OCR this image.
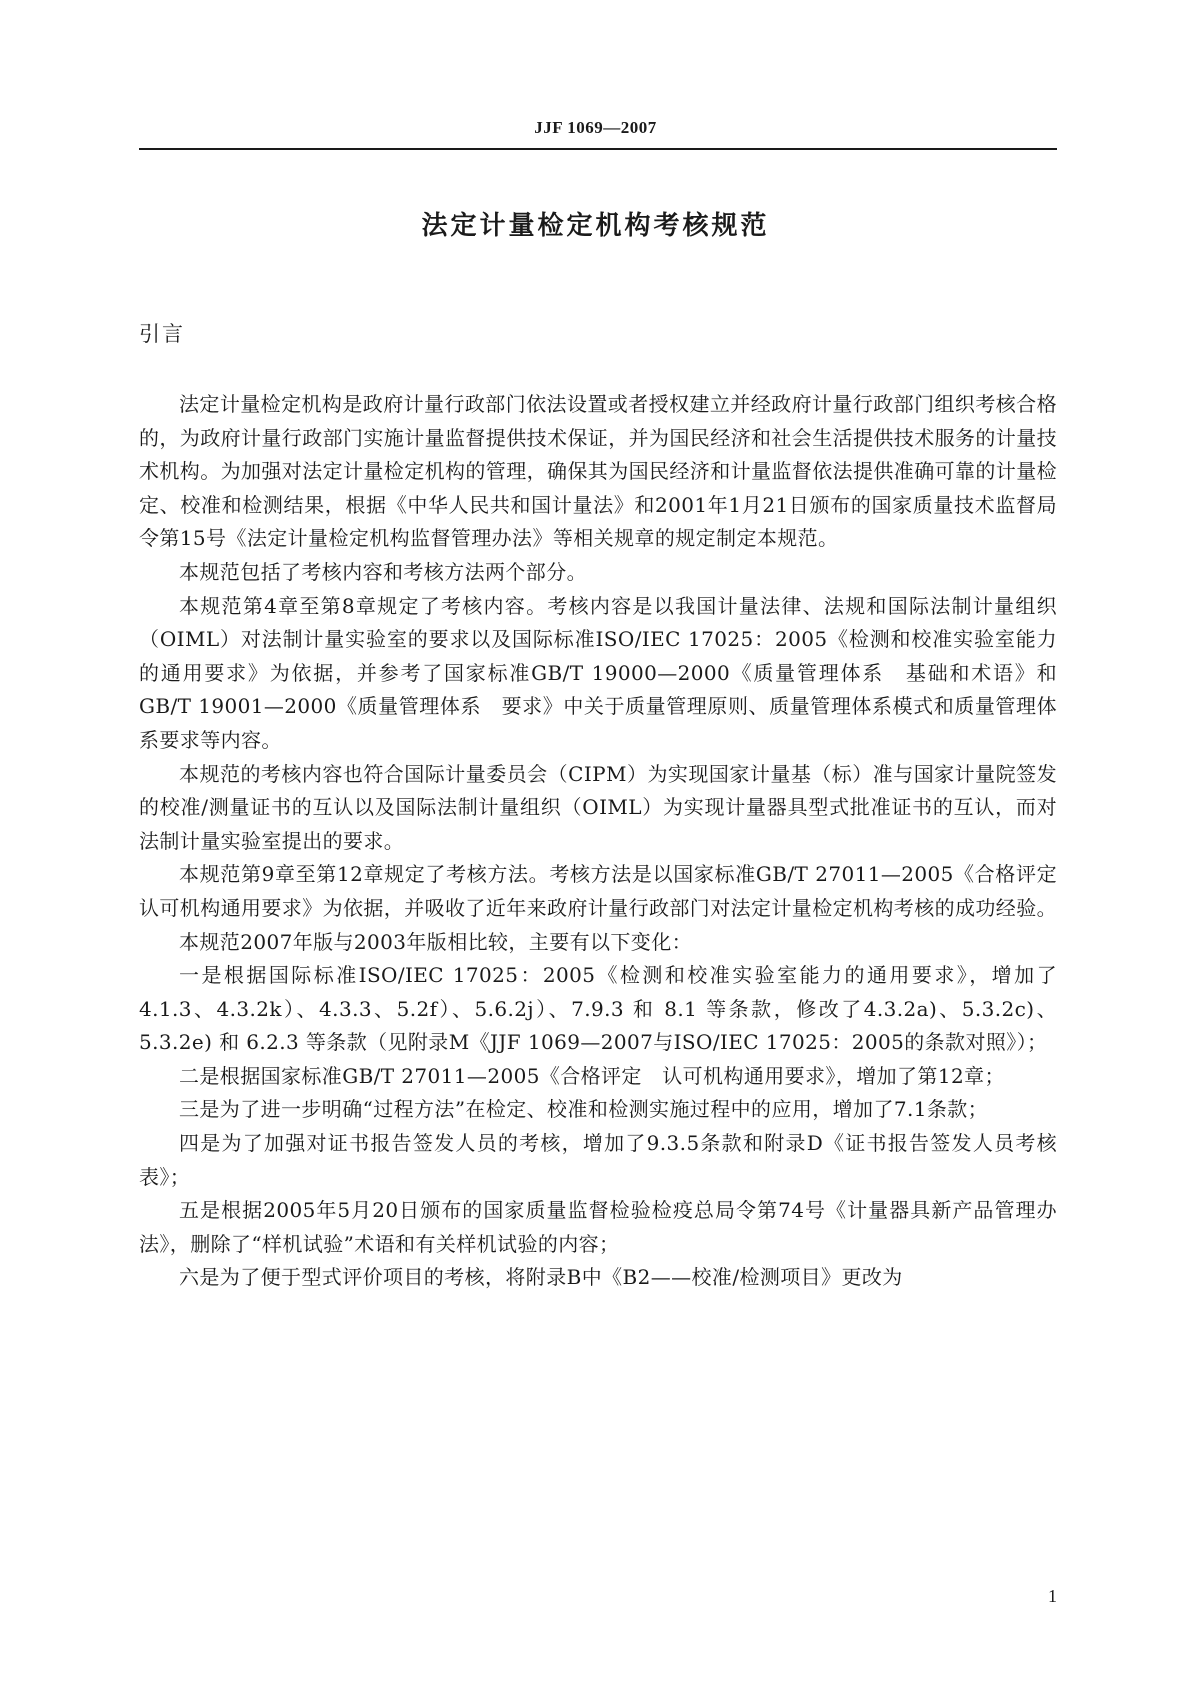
JJF 1069—2007
法定计量检定机构考核规范
引言

法定计量检定机构是政府计量行政部门依法设置或者授权建立并经政府计量行政部门组织考核合格的，为政府计量行政部门实施计量监督提供技术保证，并为国民经济和社会生活提供技术服务的计量技术机构。为加强对法定计量检定机构的管理，确保其为国民经济和计量监督依法提供准确可靠的计量检定、校准和检测结果，根据《中华人民共和国计量法》和2001年1月21日颁布的国家质量技术监督局令第15号《法定计量检定机构监督管理办法》等相关规章的规定制定本规范。

本规范包括了考核内容和考核方法两个部分。

本规范第4章至第8章规定了考核内容。考核内容是以我国计量法律、法规和国际法制计量组织（OIML）对法制计量实验室的要求以及国际标准ISO/IEC 17025：2005《检测和校准实验室能力的通用要求》为依据，并参考了国家标准GB/T 19000—2000《质量管理体系　基础和术语》和GB/T 19001—2000《质量管理体系　要求》中关于质量管理原则、质量管理体系模式和质量管理体系要求等内容。

本规范的考核内容也符合国际计量委员会（CIPM）为实现国家计量基（标）准与国家计量院签发的校准/测量证书的互认以及国际法制计量组织（OIML）为实现计量器具型式批准证书的互认，而对法制计量实验室提出的要求。

本规范第9章至第12章规定了考核方法。考核方法是以国家标准GB/T 27011—2005《合格评定　认可机构通用要求》为依据，并吸收了近年来政府计量行政部门对法定计量检定机构考核的成功经验。

本规范2007年版与2003年版相比较，主要有以下变化：

一是根据国际标准ISO/IEC 17025：2005《检测和校准实验室能力的通用要求》，增加了4.1.3、4.3.2k）、4.3.3、5.2f）、5.6.2j）、7.9.3 和 8.1 等条款，修改了4.3.2a)、5.3.2c)、5.3.2e) 和 6.2.3 等条款（见附录M《JJF 1069—2007与ISO/IEC 17025：2005的条款对照》）；

二是根据国家标准GB/T 27011—2005《合格评定　认可机构通用要求》，增加了第12章；

三是为了进一步明确“过程方法”在检定、校准和检测实施过程中的应用，增加了7.1条款；

四是为了加强对证书报告签发人员的考核，增加了9.3.5条款和附录D《证书报告签发人员考核表》；

五是根据2005年5月20日颁布的国家质量监督检验检疫总局令第74号《计量器具新产品管理办法》，删除了“样机试验”术语和有关样机试验的内容；

六是为了便于型式评价项目的考核，将附录B中《B2——校准/检测项目》更改为

1
